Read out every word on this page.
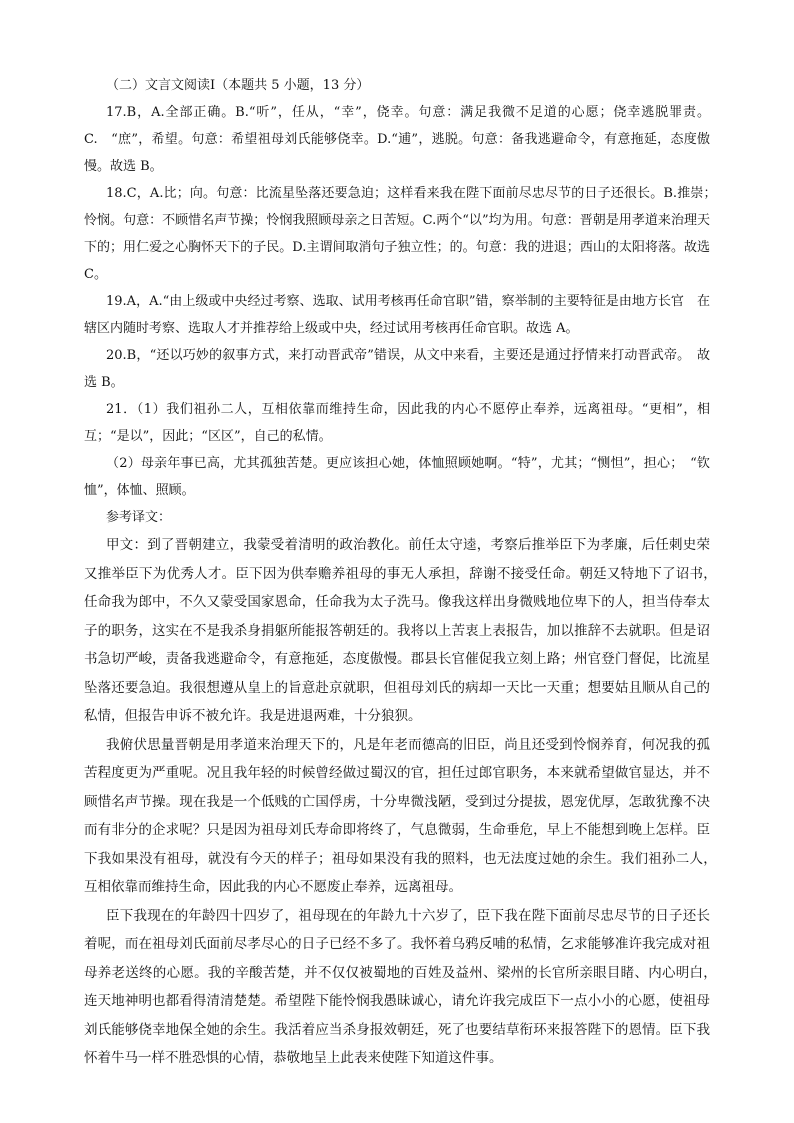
（二）文言文阅读Ⅰ（本题共 5 小题，13 分）

17.B，A.全部正确。B.“听”，任从，“幸”，侥幸。句意：满足我微不足道的心愿；侥幸逃脱罪责。C.　“庶”，希望。句意：希望祖母刘氏能够侥幸。D.“逋”，逃脱。句意：备我逃避命令，有意拖延，态度傲慢。故选 B。

18.C，A.比；向。句意：比流星坠落还要急迫；这样看来我在陛下面前尽忠尽节的日子还很长。B.推崇；　怜悯。句意：不顾惜名声节操；怜悯我照顾母亲之日苦短。C.两个“以”均为用。句意：晋朝是用孝道来治理天下的；用仁爱之心胸怀天下的子民。D.主谓间取消句子独立性；的。句意：我的进退；西山的太阳将落。故选 C。

19.A，A.“由上级或中央经过考察、选取、试用考核再任命官职”错，察举制的主要特征是由地方长官　在辖区内随时考察、选取人才并推荐给上级或中央，经过试用考核再任命官职。故选 A。

20.B，“还以巧妙的叙事方式，来打动晋武帝”错误，从文中来看，主要还是通过抒情来打动晋武帝。　故选 B。

21．（1）我们祖孙二人，互相依靠而维持生命，因此我的内心不愿停止奉养，远离祖母。“更相”，相　互；“是以”，因此；“区区”，自己的私情。

（2）母亲年事已高，尤其孤独苦楚。更应该担心她，体恤照顾她啊。“特”，尤其；“恻怛”，担心；　“钦恤”，体恤、照顾。

参考译文：

甲文：到了晋朝建立，我蒙受着清明的政治教化。前任太守逵，考察后推举臣下为孝廉，后任刺史荣又推举臣下为优秀人才。臣下因为供奉赡养祖母的事无人承担，辞谢不接受任命。朝廷又特地下了诏书，　任命我为郎中，不久又蒙受国家恩命，任命我为太子洗马。像我这样出身微贱地位卑下的人，担当侍奉太子的职务，这实在不是我杀身捐躯所能报答朝廷的。我将以上苦衷上表报告，加以推辞不去就职。但是诏书急切严峻，责备我逃避命令，有意拖延，态度傲慢。郡县长官催促我立刻上路；州官登门督促，比流星坠落还要急迫。我很想遵从皇上的旨意赴京就职，但祖母刘氏的病却一天比一天重；想要姑且顺从自己的私情，但报告申诉不被允许。我是进退两难，十分狼狈。

我俯伏思量晋朝是用孝道来治理天下的，凡是年老而德高的旧臣，尚且还受到怜悯养育，何况我的孤　苦程度更为严重呢。况且我年轻的时候曾经做过蜀汉的官，担任过郎官职务，本来就希望做官显达，并不　顾惜名声节操。现在我是一个低贱的亡国俘虏，十分卑微浅陋，受到过分提拔，恩宠优厚，怎敢犹豫不决而有非分的企求呢？只是因为祖母刘氏寿命即将终了，气息微弱，生命垂危，早上不能想到晚上怎样。臣下我如果没有祖母，就没有今天的样子；祖母如果没有我的照料，也无法度过她的余生。我们祖孙二人，　互相依靠而维持生命，因此我的内心不愿废止奉养，远离祖母。

臣下我现在的年龄四十四岁了，祖母现在的年龄九十六岁了，臣下我在陛下面前尽忠尽节的日子还长着呢，而在祖母刘氏面前尽孝尽心的日子已经不多了。我怀着乌鸦反哺的私情，乞求能够准许我完成对祖母养老送终的心愿。我的辛酸苦楚，并不仅仅被蜀地的百姓及益州、梁州的长官所亲眼目睹、内心明白，　连天地神明也都看得清清楚楚。希望陛下能怜悯我愚昧诚心，请允许我完成臣下一点小小的心愿，使祖母刘氏能够侥幸地保全她的余生。我活着应当杀身报效朝廷，死了也要结草衔环来报答陛下的恩情。臣下我怀着牛马一样不胜恐惧的心情，恭敬地呈上此表来使陛下知道这件事。
